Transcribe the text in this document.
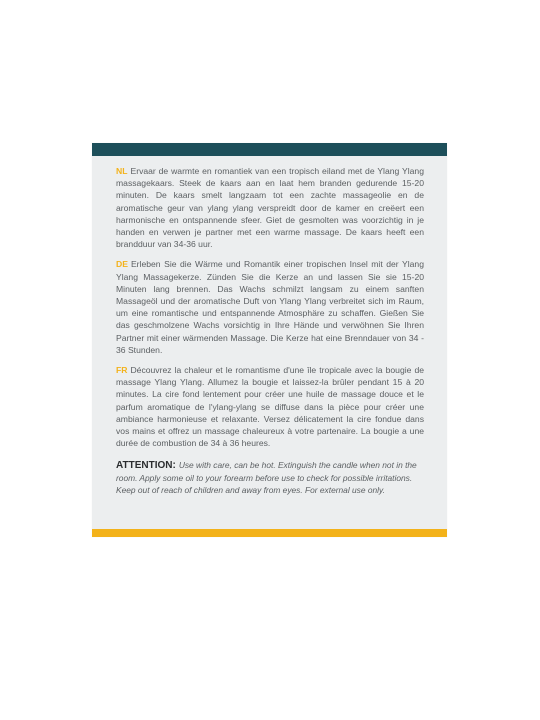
NL Ervaar de warmte en romantiek van een tropisch eiland met de Ylang Ylang massagekaars. Steek de kaars aan en laat hem branden gedurende 15-20 minuten. De kaars smelt langzaam tot een zachte massageolie en de aromatische geur van ylang ylang verspreidt door de kamer en creëert een harmonische en ontspannende sfeer. Giet de gesmolten was voorzichtig in je handen en verwen je partner met een warme massage. De kaars heeft een brandduur van 34-36 uur.

DE Erleben Sie die Wärme und Romantik einer tropischen Insel mit der Ylang Ylang Massagekerze. Zünden Sie die Kerze an und lassen Sie sie 15-20 Minuten lang brennen. Das Wachs schmilzt langsam zu einem sanften Massageöl und der aromatische Duft von Ylang Ylang verbreitet sich im Raum, um eine romantische und entspannende Atmosphäre zu schaffen. Gießen Sie das geschmolzene Wachs vorsichtig in Ihre Hände und verwöhnen Sie Ihren Partner mit einer wärmenden Massage. Die Kerze hat eine Brenndauer von 34 - 36 Stunden.

FR Découvrez la chaleur et le romantisme d'une île tropicale avec la bougie de massage Ylang Ylang. Allumez la bougie et laissez-la brûler pendant 15 à 20 minutes. La cire fond lentement pour créer une huile de massage douce et le parfum aromatique de l'ylang-ylang se diffuse dans la pièce pour créer une ambiance harmonieuse et relaxante. Versez délicatement la cire fondue dans vos mains et offrez un massage chaleureux à votre partenaire. La bougie a une durée de combustion de 34 à 36 heures.

ATTENTION: Use with care, can be hot. Extinguish the candle when not in the room. Apply some oil to your forearm before use to check for possible irritations. Keep out of reach of children and away from eyes. For external use only.
